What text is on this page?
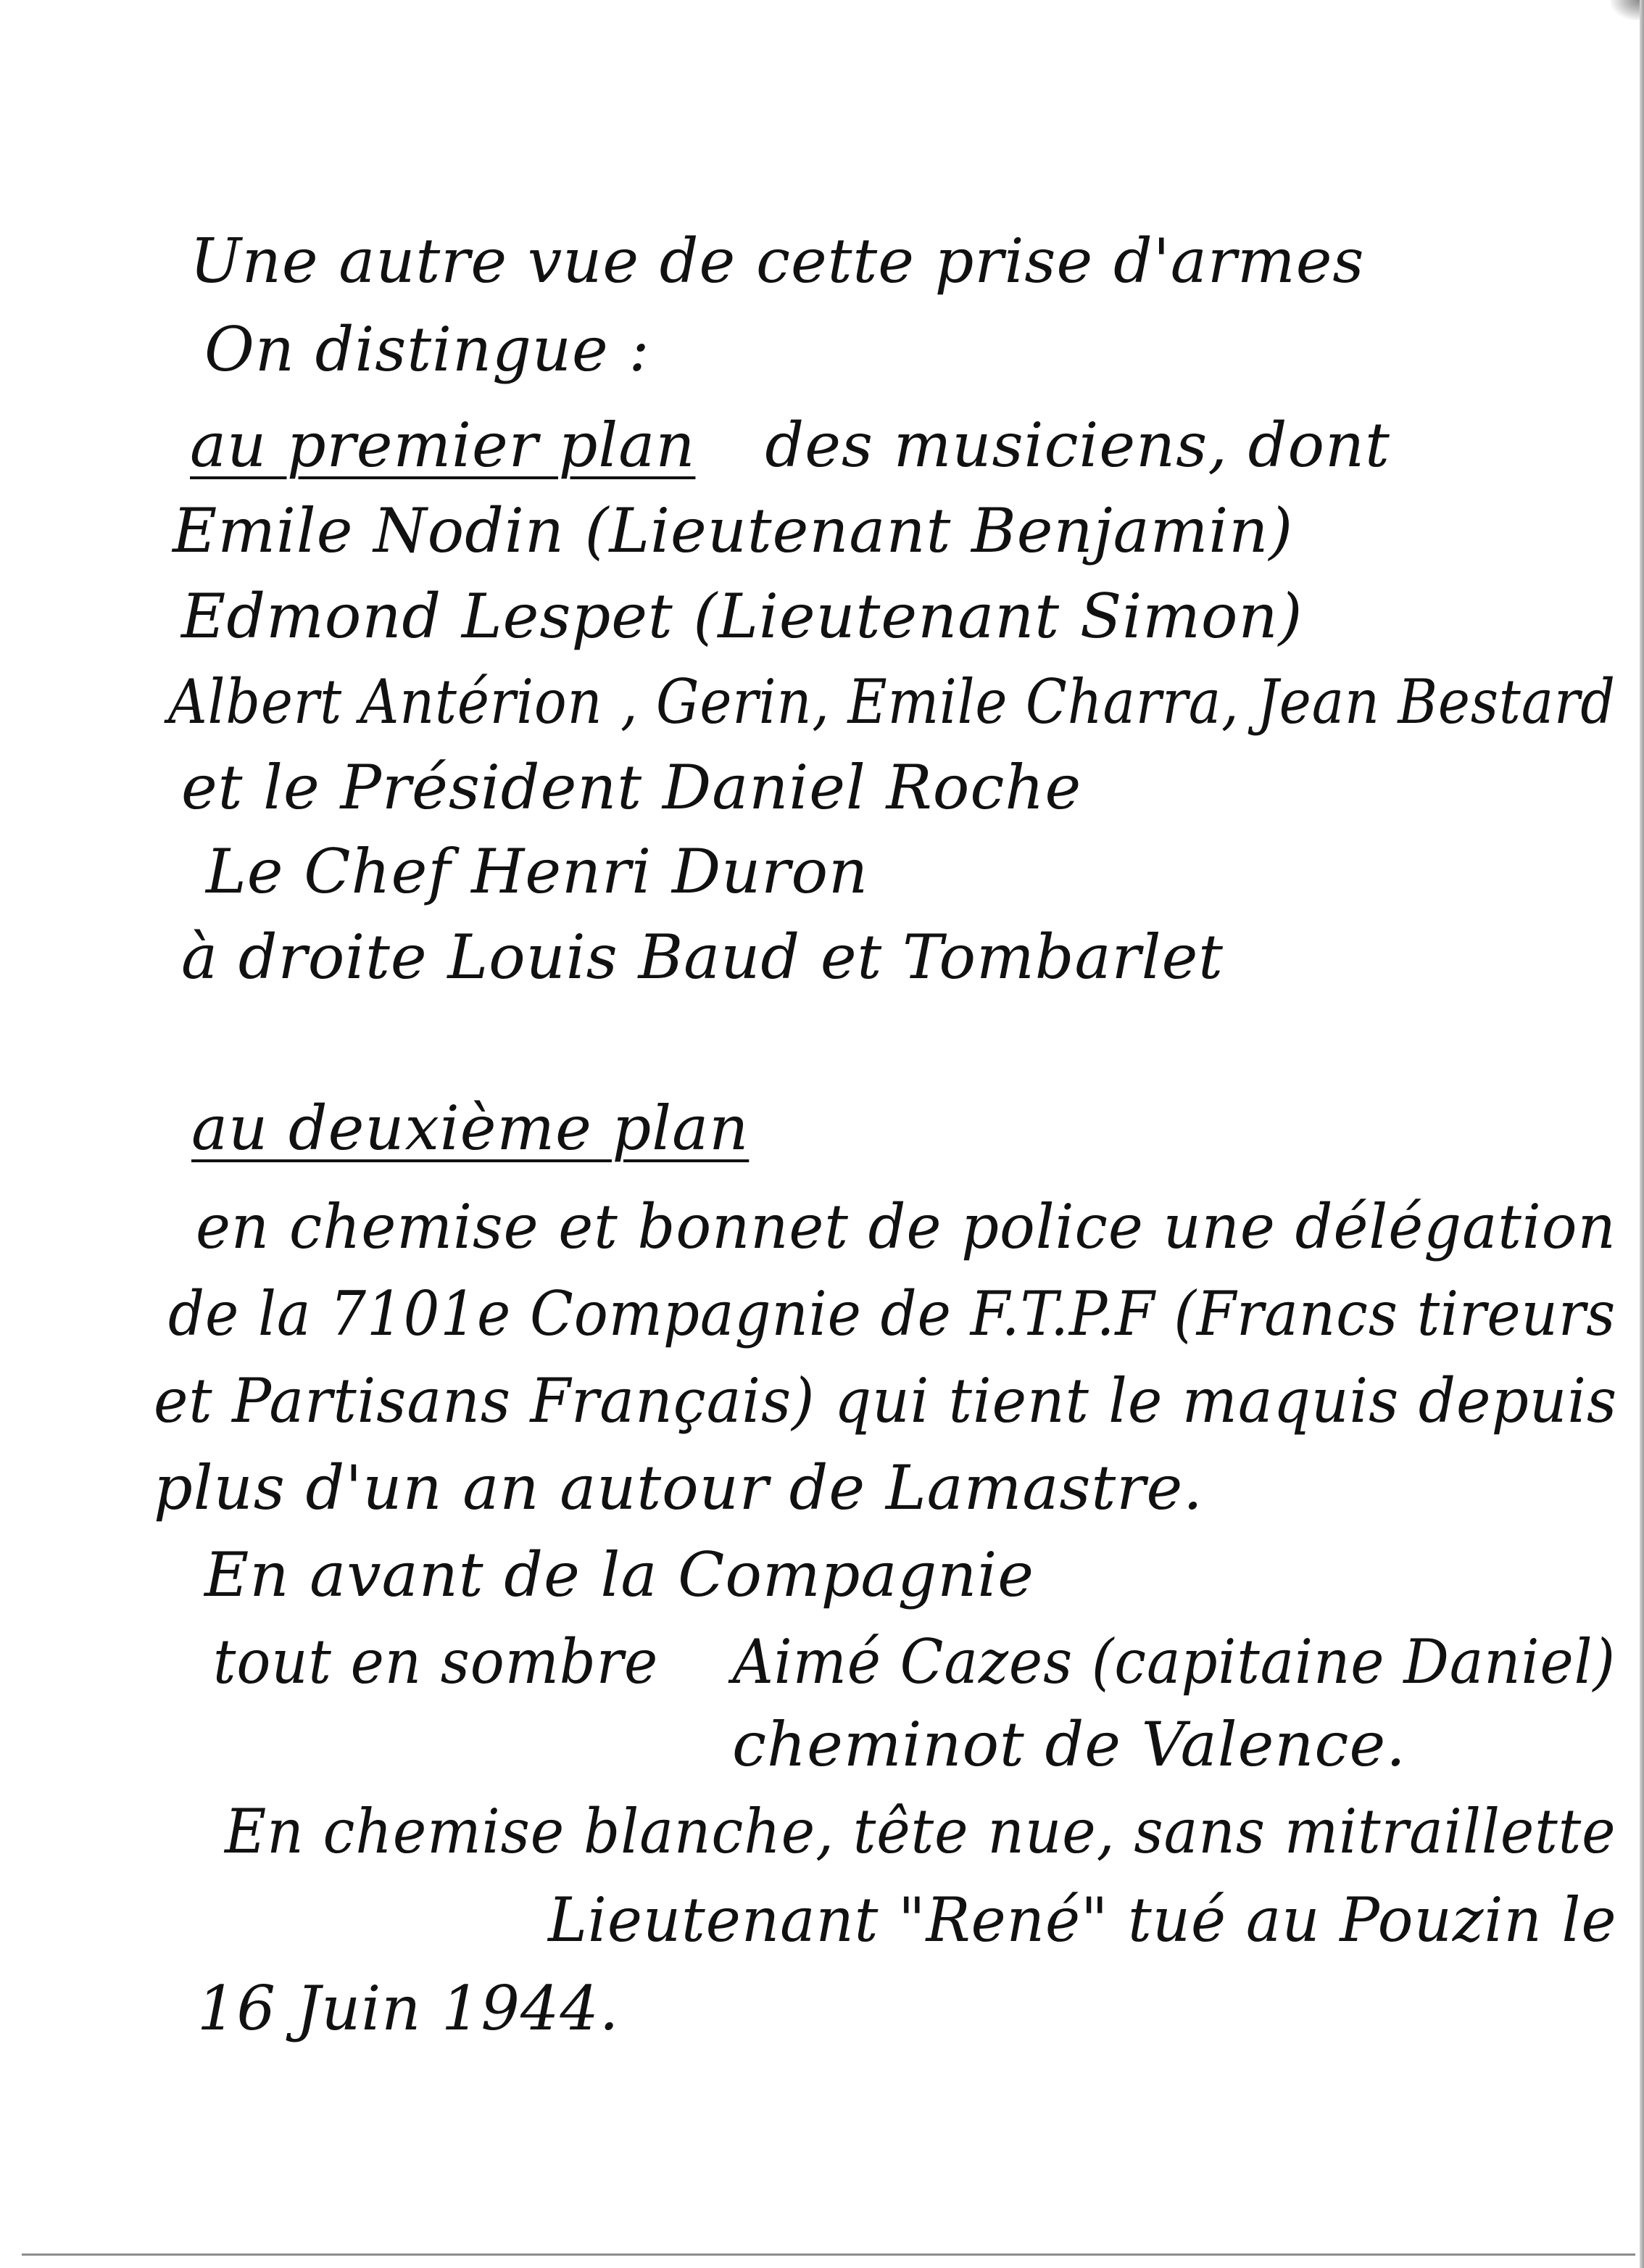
Une autre vue de cette prise d'armes
On distingue :
au premier plan des musiciens, dont
Emile Nodin (Lieutenant Benjamin)
Edmond Lespet (Lieutenant Simon)
Albert Antérion , Gerin, Emile Charra, Jean Bestard
et le Président Daniel Roche
Le Chef Henri Duron
à droite Louis Baud et Tombarlet
au deuxième plan
en chemise et bonnet de police une délégation
de la 7101e Compagnie de F.T.P.F (Francs tireurs
et Partisans Français) qui tient le maquis depuis
plus d'un an autour de Lamastre.
En avant de la Compagnie
tout en sombre Aimé Cazes (capitaine Daniel)
cheminot de Valence.
En chemise blanche, tête nue, sans mitraillette
Lieutenant "René" tué au Pouzin le
16 Juin 1944.
